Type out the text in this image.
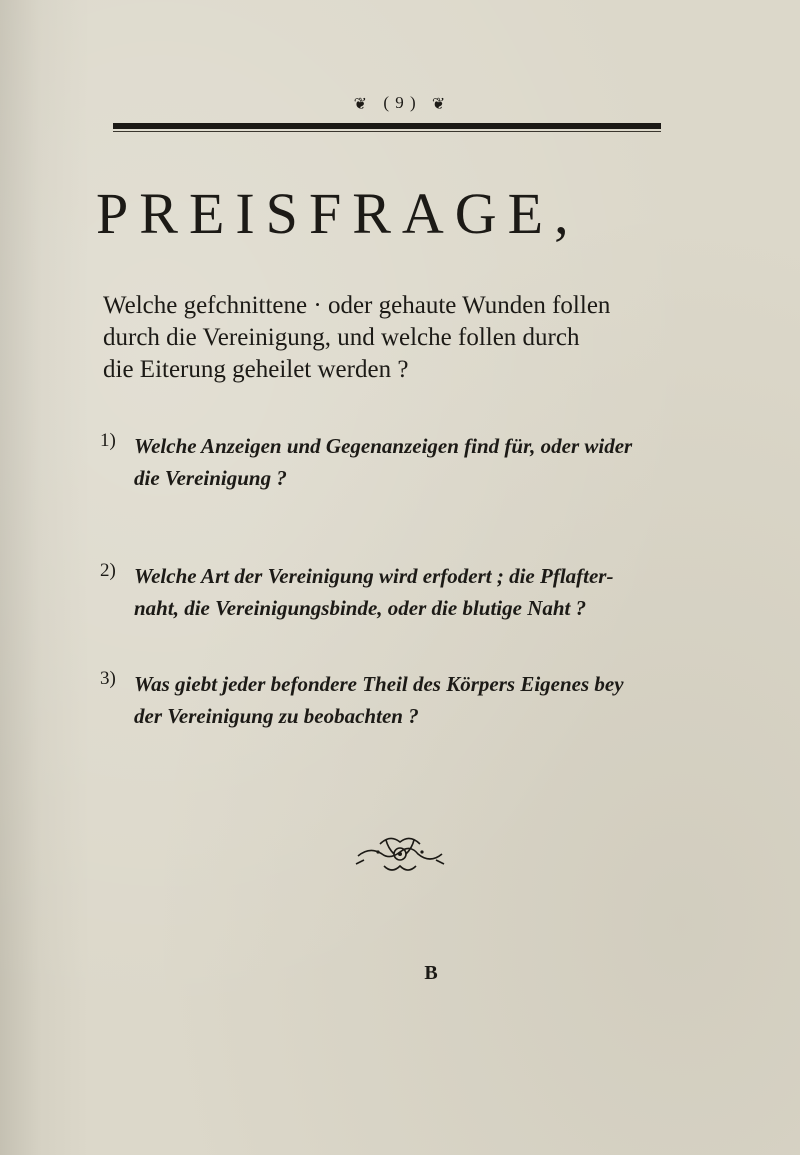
❦ ( 9 ) ❦
PREISFRAGE,
Welche gefchnittene · oder gehaute Wunden follen
durch die Vereinigung, und welche follen durch
die Eiterung geheilet werden ?
1) Welche Anzeigen und Gegenanzeigen find für, oder wider
die Vereinigung ?
2) Welche Art der Vereinigung wird erfodert ; die Pflafter-
naht, die Vereinigungsbinde, oder die blutige Naht ?
3) Was giebt jeder befondere Theil des Körpers Eigenes bey
der Vereinigung zu beobachten ?
B
